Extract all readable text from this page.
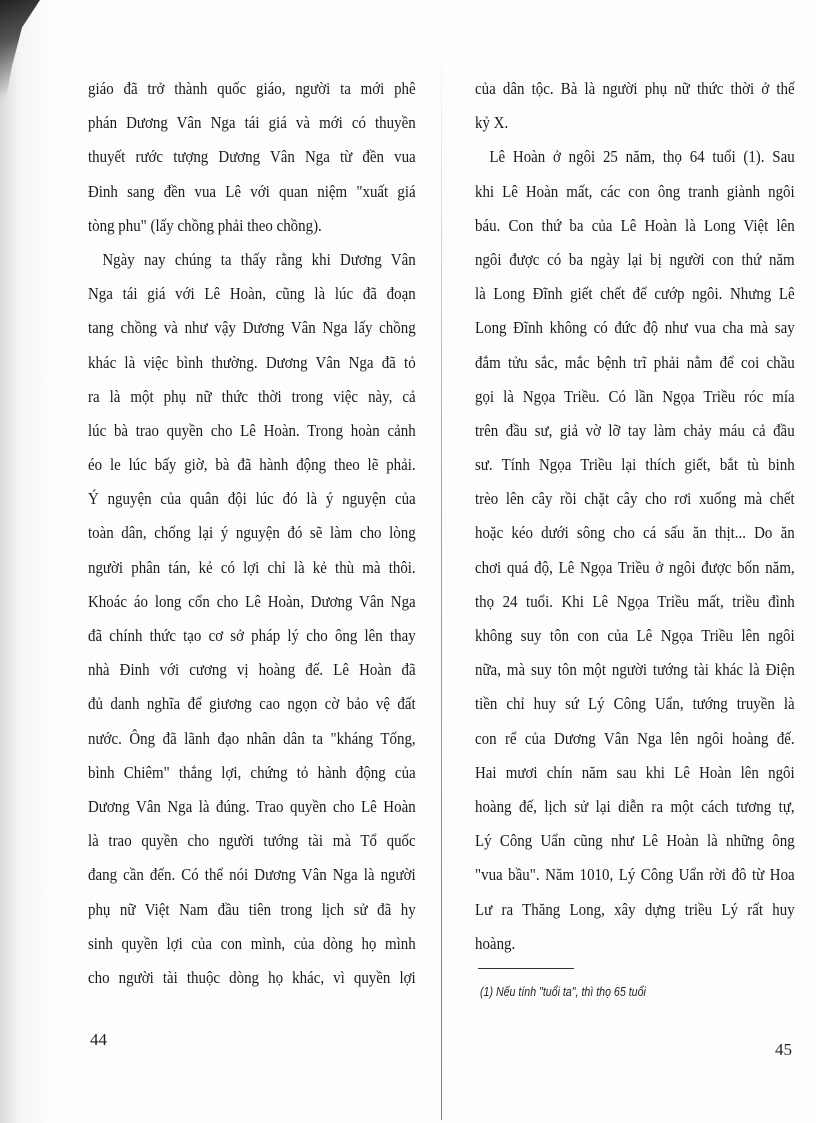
giáo đã trở thành quốc giáo, người ta mới phê
phán Dương Vân Nga tái giá và mới có thuyền
thuyết rước tượng Dương Vân Nga từ đền vua
Đinh sang đền vua Lê với quan niệm "xuất giá
tòng phu" (lấy chồng phải theo chồng).
Ngày nay chúng ta thấy rằng khi Dương Vân
Nga tái giá với Lê Hoàn, cũng là lúc đã đoạn
tang chồng và như vậy Dương Vân Nga lấy chồng
khác là việc bình thường. Dương Vân Nga đã tỏ
ra là một phụ nữ thức thời trong việc này, cả
lúc bà trao quyền cho Lê Hoàn. Trong hoàn cảnh
éo le lúc bấy giờ, bà đã hành động theo lẽ phải.
Ý nguyện của quân đội lúc đó là ý nguyện của
toàn dân, chống lại ý nguyện đó sẽ làm cho lòng
người phân tán, kẻ có lợi chỉ là kẻ thù mà thôi.
Khoác áo long cổn cho Lê Hoàn, Dương Vân Nga
đã chính thức tạo cơ sở pháp lý cho ông lên thay
nhà Đinh với cương vị hoàng đế. Lê Hoàn đã
đủ danh nghĩa để giương cao ngọn cờ bảo vệ đất
nước. Ông đã lãnh đạo nhân dân ta "kháng Tống,
bình Chiêm" thắng lợi, chứng tỏ hành động của
Dương Vân Nga là đúng. Trao quyền cho Lê Hoàn
là trao quyền cho người tướng tài mà Tổ quốc
đang cần đến. Có thể nói Dương Vân Nga là người
phụ nữ Việt Nam đầu tiên trong lịch sử đã hy
sinh quyền lợi của con mình, của dòng họ mình
cho người tài thuộc dòng họ khác, vì quyền lợi
của dân tộc. Bà là người phụ nữ thức thời ở thế
kỷ X.
Lê Hoàn ở ngôi 25 năm, thọ 64 tuổi (1). Sau
khi Lê Hoàn mất, các con ông tranh giành ngôi
báu. Con thứ ba của Lê Hoàn là Long Việt lên
ngôi được có ba ngày lại bị người con thứ năm
là Long Đĩnh giết chết để cướp ngôi. Nhưng Lê
Long Đĩnh không có đức độ như vua cha mà say
đắm tửu sắc, mắc bệnh trĩ phải nằm để coi chầu
gọi là Ngọa Triều. Có lần Ngọa Triều róc mía
trên đầu sư, giả vờ lỡ tay làm chảy máu cả đầu
sư. Tính Ngọa Triều lại thích giết, bắt tù binh
trèo lên cây rồi chặt cây cho rơi xuống mà chết
hoặc kéo dưới sông cho cá sấu ăn thịt... Do ăn
chơi quá độ, Lê Ngọa Triều ở ngôi được bốn năm,
thọ 24 tuổi. Khi Lê Ngọa Triều mất, triều đình
không suy tôn con của Lê Ngọa Triều lên ngôi
nữa, mà suy tôn một người tướng tài khác là Điện
tiền chỉ huy sứ Lý Công Uẩn, tướng truyền là
con rể của Dương Vân Nga lên ngôi hoàng đế.
Hai mươi chín năm sau khi Lê Hoàn lên ngôi
hoàng đế, lịch sử lại diễn ra một cách tương tự,
Lý Công Uẩn cũng như Lê Hoàn là những ông
"vua bầu". Năm 1010, Lý Công Uẩn rời đô từ Hoa
Lư ra Thăng Long, xây dựng triều Lý rất huy
hoàng.
(1) Nếu tính "tuổi ta", thì thọ 65 tuổi
44
45
